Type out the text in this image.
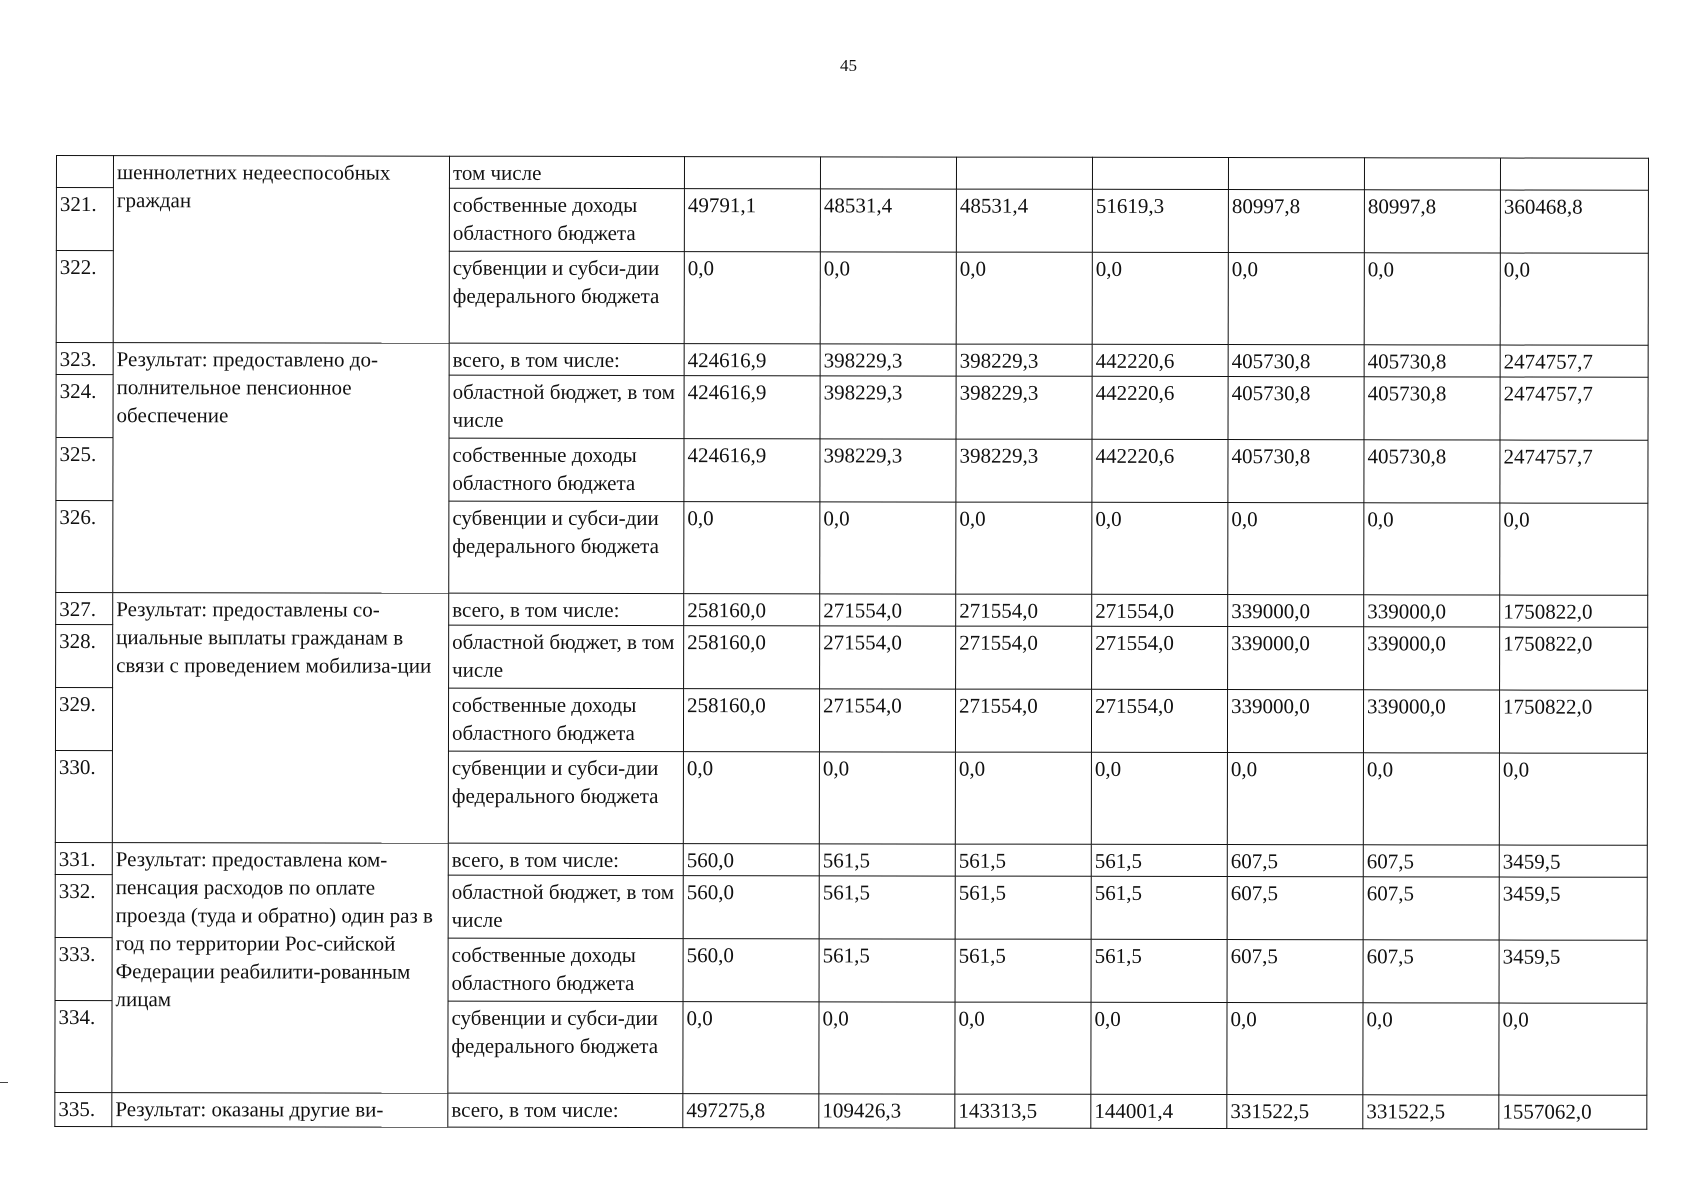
45
	шеннолетних недееспособных граждан	том числе							
321.		собственные доходы областного бюджета	49791,1	48531,4	48531,4	51619,3	80997,8	80997,8	360468,8
322.		субвенции и субси-дии федерального бюджета	0,0	0,0	0,0	0,0	0,0	0,0	0,0
323.	Результат: предоставлено до-полнительное пенсионное обеспечение	всего, в том числе:	424616,9	398229,3	398229,3	442220,6	405730,8	405730,8	2474757,7
324.		областной бюджет, в том числе	424616,9	398229,3	398229,3	442220,6	405730,8	405730,8	2474757,7
325.		собственные доходы областного бюджета	424616,9	398229,3	398229,3	442220,6	405730,8	405730,8	2474757,7
326.		субвенции и субси-дии федерального бюджета	0,0	0,0	0,0	0,0	0,0	0,0	0,0
327.	Результат: предоставлены со-циальные выплаты гражданам в связи с проведением мобилиза-ции	всего, в том числе:	258160,0	271554,0	271554,0	271554,0	339000,0	339000,0	1750822,0
328.		областной бюджет, в том числе	258160,0	271554,0	271554,0	271554,0	339000,0	339000,0	1750822,0
329.		собственные доходы областного бюджета	258160,0	271554,0	271554,0	271554,0	339000,0	339000,0	1750822,0
330.		субвенции и субси-дии федерального бюджета	0,0	0,0	0,0	0,0	0,0	0,0	0,0
331.	Результат: предоставлена ком-пенсация расходов по оплате проезда (туда и обратно) один раз в год по территории Рос-сийской Федерации реабилити-рованным лицам	всего, в том числе:	560,0	561,5	561,5	561,5	607,5	607,5	3459,5
332.		областной бюджет, в том числе	560,0	561,5	561,5	561,5	607,5	607,5	3459,5
333.		собственные доходы областного бюджета	560,0	561,5	561,5	561,5	607,5	607,5	3459,5
334.		субвенции и субси-дии федерального бюджета	0,0	0,0	0,0	0,0	0,0	0,0	0,0
335.	Результат: оказаны другие ви-	всего, в том числе:	497275,8	109426,3	143313,5	144001,4	331522,5	331522,5	1557062,0
